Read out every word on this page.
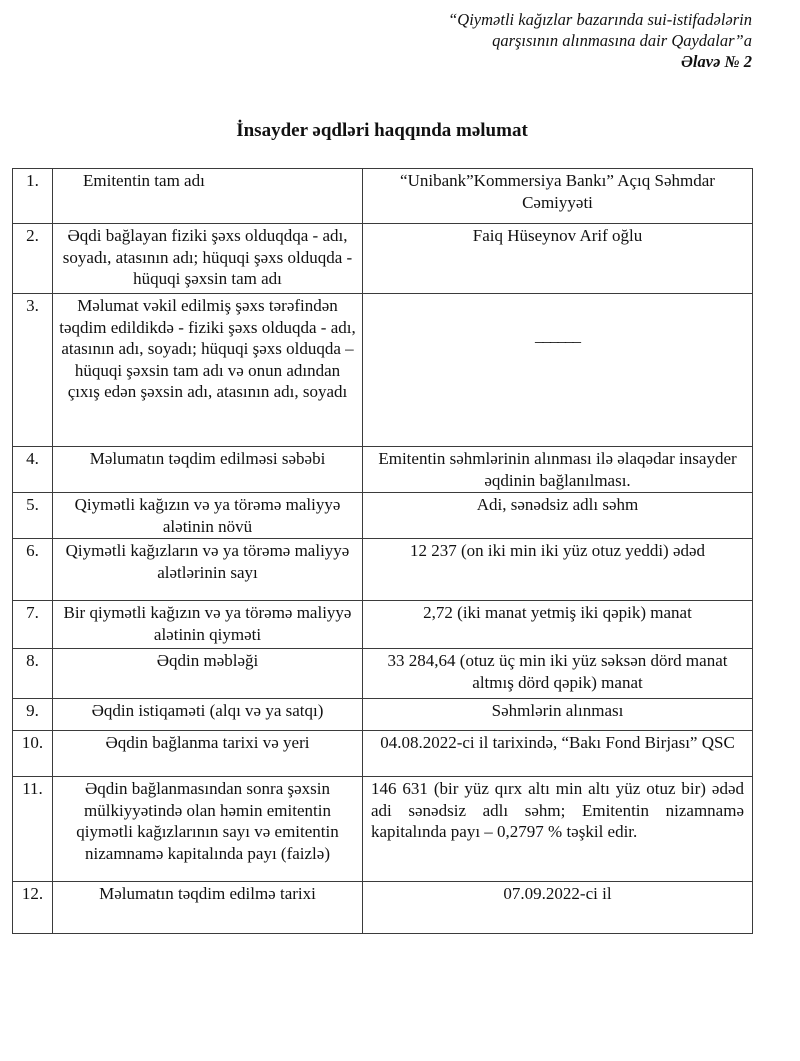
“Qiymətli kağızlar bazarında sui-istifadələrin
qarşısının alınmasına dair Qaydalar”a
Əlavə № 2
İnsayder əqdləri haqqında məlumat
1.	Emitentin tam adı	“Unibank”Kommersiya Bankı” Açıq Səhmdar Cəmiyyəti
2.	Əqdi bağlayan fiziki şəxs olduqdqa - adı, soyadı, atasının adı; hüquqi şəxs olduqda - hüquqi şəxsin tam adı	Faiq Hüseynov Arif oğlu
3.	Məlumat vəkil edilmiş şəxs tərəfindən təqdim edildikdə - fiziki şəxs olduqda - adı, atasının adı, soyadı; hüquqi şəxs olduqda – hüquqi şəxsin tam adı və onun adından çıxış edən şəxsin adı, atasının adı, soyadı	______
4.	Məlumatın təqdim edilməsi səbəbi	Emitentin səhmlərinin alınması ilə əlaqədar insayder əqdinin bağlanılması.
5.	Qiymətli kağızın və ya törəmə maliyyə alətinin növü	Adi, sənədsiz adlı səhm
6.	Qiymətli kağızların və ya törəmə maliyyə alətlərinin sayı	12 237 (on iki min iki yüz otuz yeddi) ədəd
7.	Bir qiymətli kağızın və ya törəmə maliyyə alətinin qiyməti	2,72 (iki manat yetmiş iki qəpik) manat
8.	Əqdin məbləği	33 284,64 (otuz üç min iki yüz səksən dörd manat altmış dörd qəpik) manat
9.	Əqdin istiqaməti (alqı və ya satqı)	Səhmlərin alınması
10.	Əqdin bağlanma tarixi və yeri	04.08.2022-ci il tarixində, “Bakı Fond Birjası” QSC
11.	Əqdin bağlanmasından sonra şəxsin mülkiyyətində olan həmin emitentin qiymətli kağızlarının sayı və emitentin nizamnamə kapitalında payı (faizlə)	146 631 (bir yüz qırx altı min altı yüz otuz bir) ədəd adi sənədsiz adlı səhm; Emitentin nizamnamə kapitalında payı – 0,2797 % təşkil edir.
12.	Məlumatın təqdim edilmə tarixi	07.09.2022-ci il
